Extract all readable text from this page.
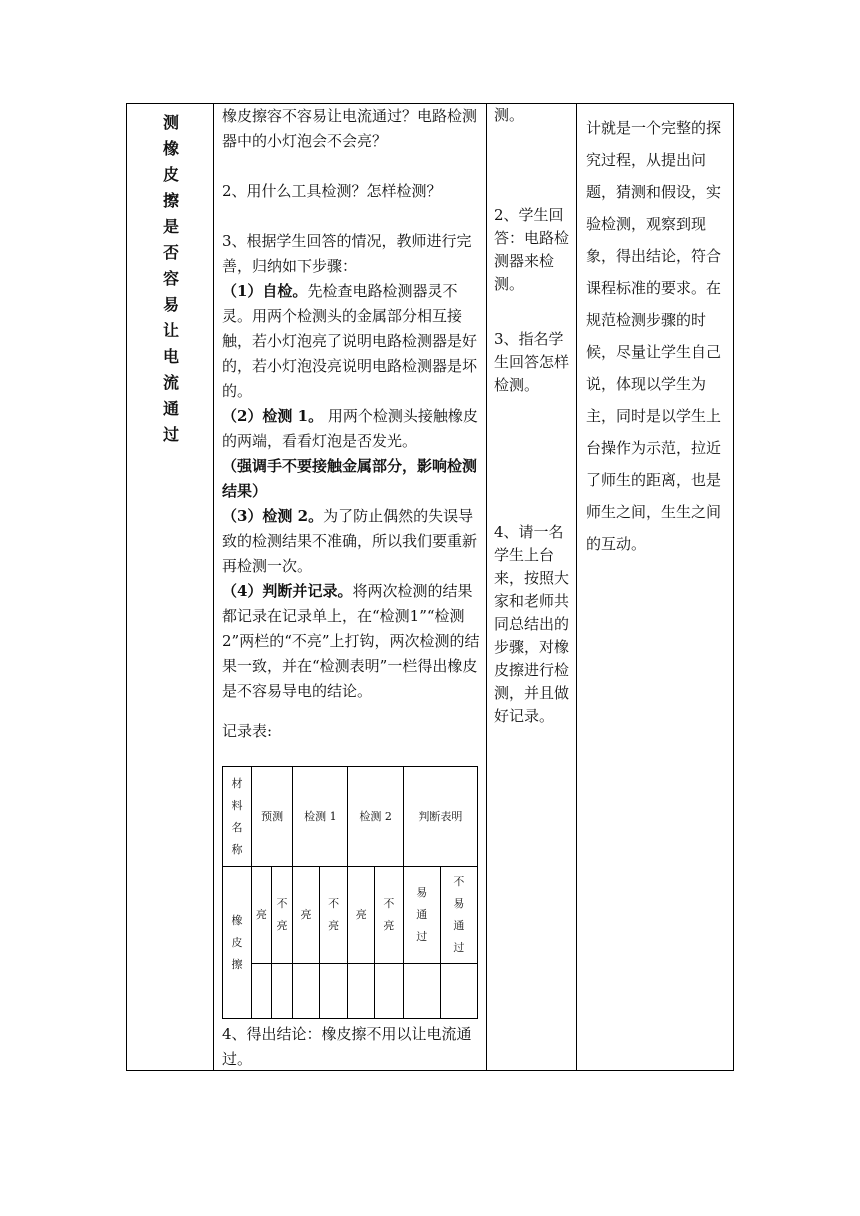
测
橡
皮
擦
是
否
容
易
让
电
流
通
过

橡皮擦容不容易让电流通过？电路检测器中的小灯泡会不会亮？

2、用什么工具检测？怎样检测？

3、根据学生回答的情况，教师进行完善，归纳如下步骤：

（1）自检。先检查电路检测器灵不灵。用两个检测头的金属部分相互接触，若小灯泡亮了说明电路检测器是好的，若小灯泡没亮说明电路检测器是坏的。

（2）检测 1。 用两个检测头接触橡皮的两端，看看灯泡是否发光。

（强调手不要接触金属部分，影响检测结果）

（3）检测 2。为了防止偶然的失误导致的检测结果不准确，所以我们要重新再检测一次。

（4）判断并记录。将两次检测的结果都记录在记录单上，在“检测1”“检测 2”两栏的“不亮”上打钩，两次检测的结果一致，并在“检测表明”一栏得出橡皮是不容易导电的结论。

记录表:
材料名称	预测		检测 1		检测 2		判断表明	
橡皮擦	亮	不亮	亮	不亮	亮	不亮	易通过	不易通过

4、得出结论：橡皮擦不用以让电流通过。

测。

2、学生回答：电路检测器来检测。

3、指名学生回答怎样检测。

4、请一名学生上台来，按照大家和老师共同总结出的步骤，对橡皮擦进行检测，并且做好记录。

计就是一个完整的探究过程，从提出问题，猜测和假设，实验检测，观察到现象，得出结论，符合课程标准的要求。在规范检测步骤的时候，尽量让学生自己说，体现以学生为主，同时是以学生上台操作为示范，拉近了师生的距离，也是师生之间，生生之间的互动。
